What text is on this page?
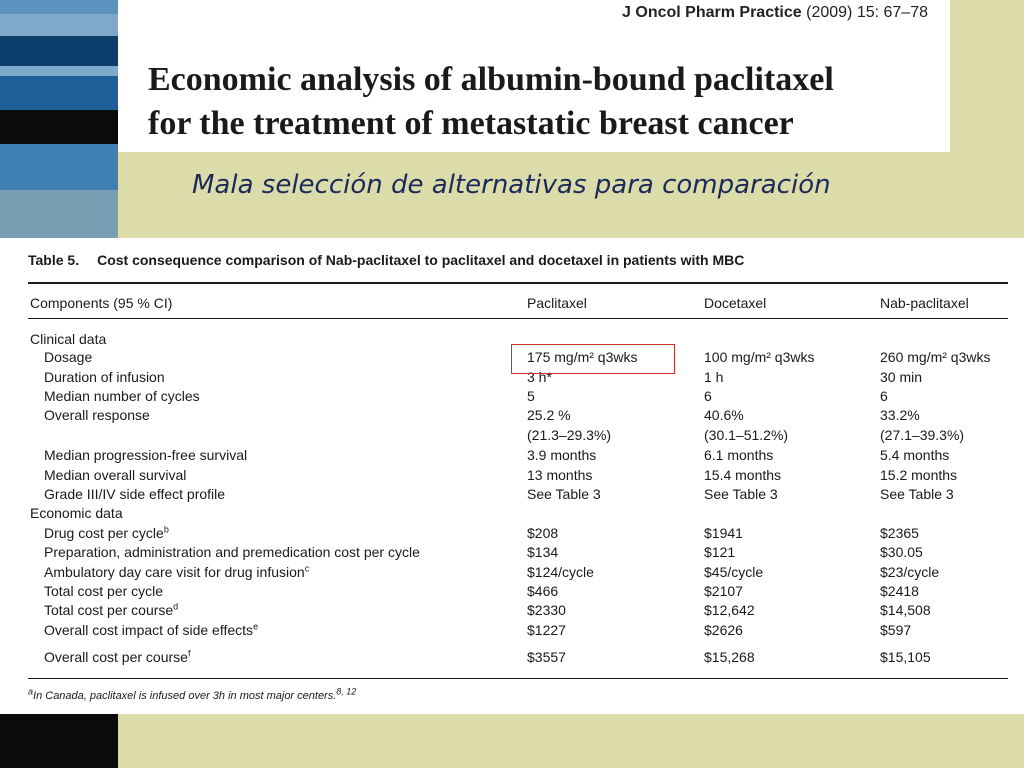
J Oncol Pharm Practice (2009) 15: 67–78
Economic analysis of albumin-bound paclitaxel
for the treatment of metastatic breast cancer
Mala selección de alternativas para comparación
Table 5. Cost consequence comparison of Nab-paclitaxel to paclitaxel and docetaxel in patients with MBC
Components (95 % CI)	Paclitaxel	Docetaxel	Nab-paclitaxel
Clinical data
Dosage	175 mg/m² q3wks	100 mg/m² q3wks	260 mg/m² q3wks
Duration of infusion	3 h*	1 h	30 min
Median number of cycles	5	6	6
Overall response	25.2 %	40.6%	33.2%
(21.3–29.3%)	(30.1–51.2%)	(27.1–39.3%)
Median progression-free survival	3.9 months	6.1 months	5.4 months
Median overall survival	13 months	15.4 months	15.2 months
Grade III/IV side effect profile	See Table 3	See Table 3	See Table 3
Economic data
Drug cost per cycle$^b$	$208	$1941	$2365
Preparation, administration and premedication cost per cycle	$134	$121	$30.05
Ambulatory day care visit for drug infusion$^c$	$124/cycle	$45/cycle	$23/cycle
Total cost per cycle	$466	$2107	$2418
Total cost per course$^d$	$2330	$12,642	$14,508
Overall cost impact of side effects$^e$	$1227	$2626	$597
Overall cost per course$^f$	$3557	$15,268	$15,105
$^a$In Canada, paclitaxel is infused over 3h in most major centers.$^{8, 12}$
